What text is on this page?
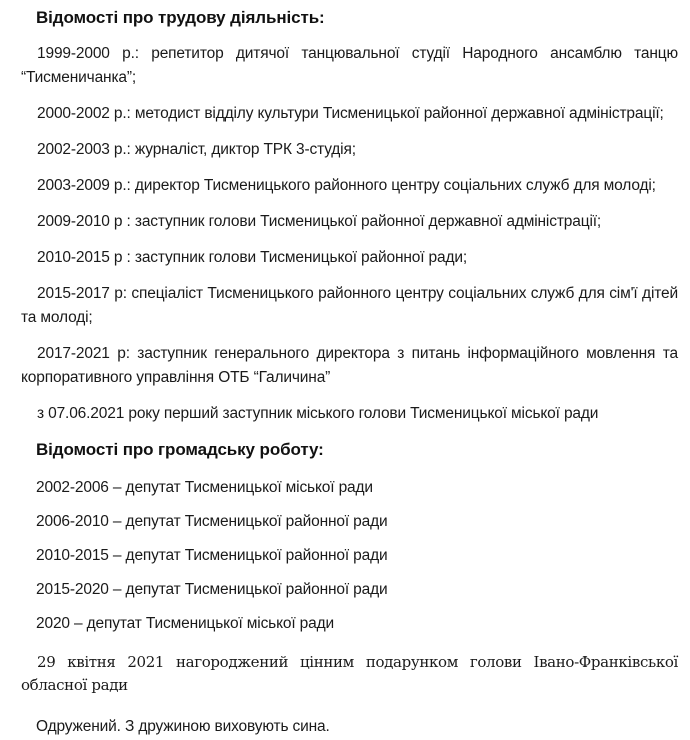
Відомості про трудову діяльність:

1999-2000 р.: репетитор дитячої танцювальної студії Народного ансамблю танцю “Тисменичанка”;

2000-2002 р.: методист відділу культури Тисменицької районної державної адміністрації;

2002-2003 р.: журналіст, диктор ТРК 3-студія;

2003-2009 р.: директор Тисменицького районного центру соціальних служб для молоді;

2009-2010 р : заступник голови Тисменицької районної державної адміністрації;

2010-2015 р : заступник голови Тисменицької районної ради;

2015-2017 р: спеціаліст Тисменицького районного центру соціальних служб для сім'ї дітей та молоді;

2017-2021 р: заступник генерального директора з питань інформаційного мовлення та корпоративного управління ОТБ “Галичина”

з 07.06.2021 року перший заступник міського голови Тисменицької міської ради

Відомості про громадську роботу:

2002-2006 – депутат Тисменицької міської ради

2006-2010 – депутат Тисменицької районної ради

2010-2015 – депутат Тисменицької районної ради

2015-2020 – депутат Тисменицької районної ради

2020 – депутат Тисменицької міської ради

29 квітня 2021 нагороджений цінним подарунком голови Івано-Франківської обласної ради

Одружений. З дружиною виховують сина.
